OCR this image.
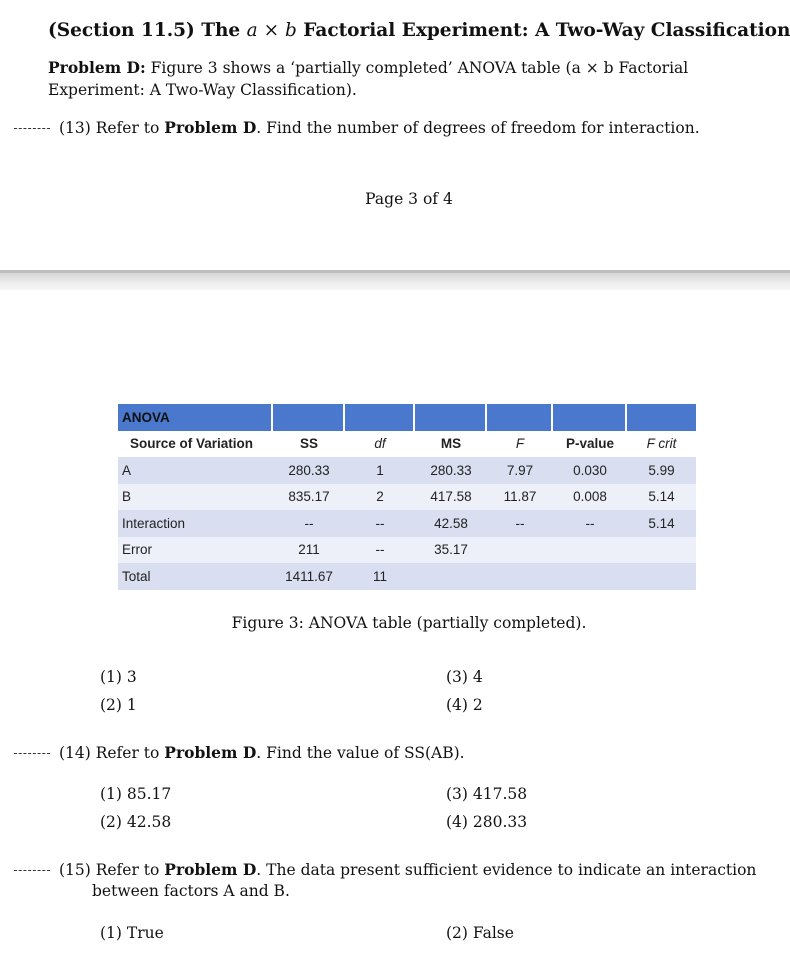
(Section 11.5) The a × b Factorial Experiment: A Two-Way Classification
Problem D: Figure 3 shows a ‘partially completed’ ANOVA table (a × b Factorial Experiment: A Two-Way Classification).
(13) Refer to Problem D. Find the number of degrees of freedom for interaction.
Page 3 of 4
ANOVA
Source of Variation	SS	df	MS	F	P-value	F crit
A	280.33	1	280.33	7.97	0.030	5.99
B	835.17	2	417.58	11.87	0.008	5.14
Interaction	--	--	42.58	--	--	5.14
Error	211	--	35.17
Total	1411.67	11
Figure 3: ANOVA table (partially completed).
(1) 3
(2) 1
(3) 4
(4) 2
(14) Refer to Problem D. Find the value of SS(AB).
(1) 85.17
(2) 42.58
(3) 417.58
(4) 280.33
(15) Refer to Problem D. The data present sufficient evidence to indicate an interaction
between factors A and B.
(1) True	(2) False
